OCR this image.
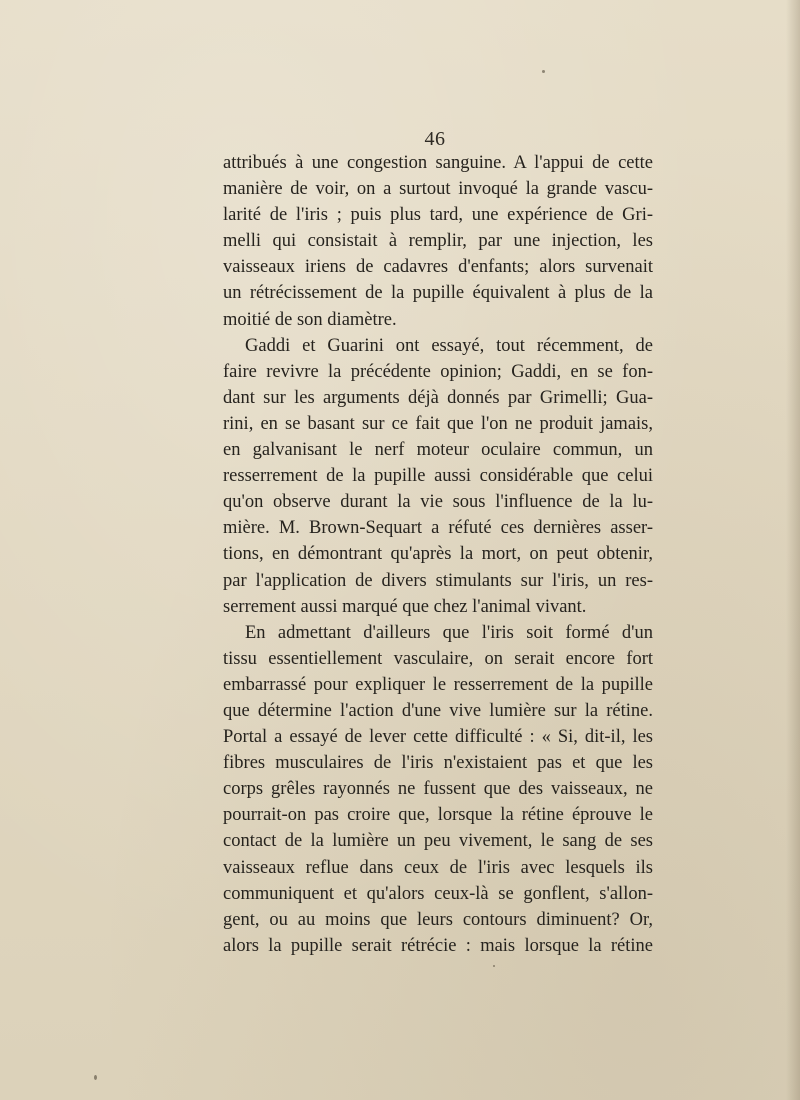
46
attribués à une congestion sanguine. A l'appui de cette
manière de voir, on a surtout invoqué la grande vascu-
larité de l'iris ; puis plus tard, une expérience de Gri-
melli qui consistait à remplir, par une injection, les
vaisseaux iriens de cadavres d'enfants; alors survenait
un rétrécissement de la pupille équivalent à plus de la
moitié de son diamètre.
Gaddi et Guarini ont essayé, tout récemment, de
faire revivre la précédente opinion; Gaddi, en se fon-
dant sur les arguments déjà donnés par Grimelli; Gua-
rini, en se basant sur ce fait que l'on ne produit jamais,
en galvanisant le nerf moteur oculaire commun, un
resserrement de la pupille aussi considérable que celui
qu'on observe durant la vie sous l'influence de la lu-
mière. M. Brown-Sequart a réfuté ces dernières asser-
tions, en démontrant qu'après la mort, on peut obtenir,
par l'application de divers stimulants sur l'iris, un res-
serrement aussi marqué que chez l'animal vivant.
En admettant d'ailleurs que l'iris soit formé d'un
tissu essentiellement vasculaire, on serait encore fort
embarrassé pour expliquer le resserrement de la pupille
que détermine l'action d'une vive lumière sur la rétine.
Portal a essayé de lever cette difficulté : « Si, dit-il, les
fibres musculaires de l'iris n'existaient pas et que les
corps grêles rayonnés ne fussent que des vaisseaux, ne
pourrait-on pas croire que, lorsque la rétine éprouve le
contact de la lumière un peu vivement, le sang de ses
vaisseaux reflue dans ceux de l'iris avec lesquels ils
communiquent et qu'alors ceux-là se gonflent, s'allon-
gent, ou au moins que leurs contours diminuent? Or,
alors la pupille serait rétrécie : mais lorsque la rétine
